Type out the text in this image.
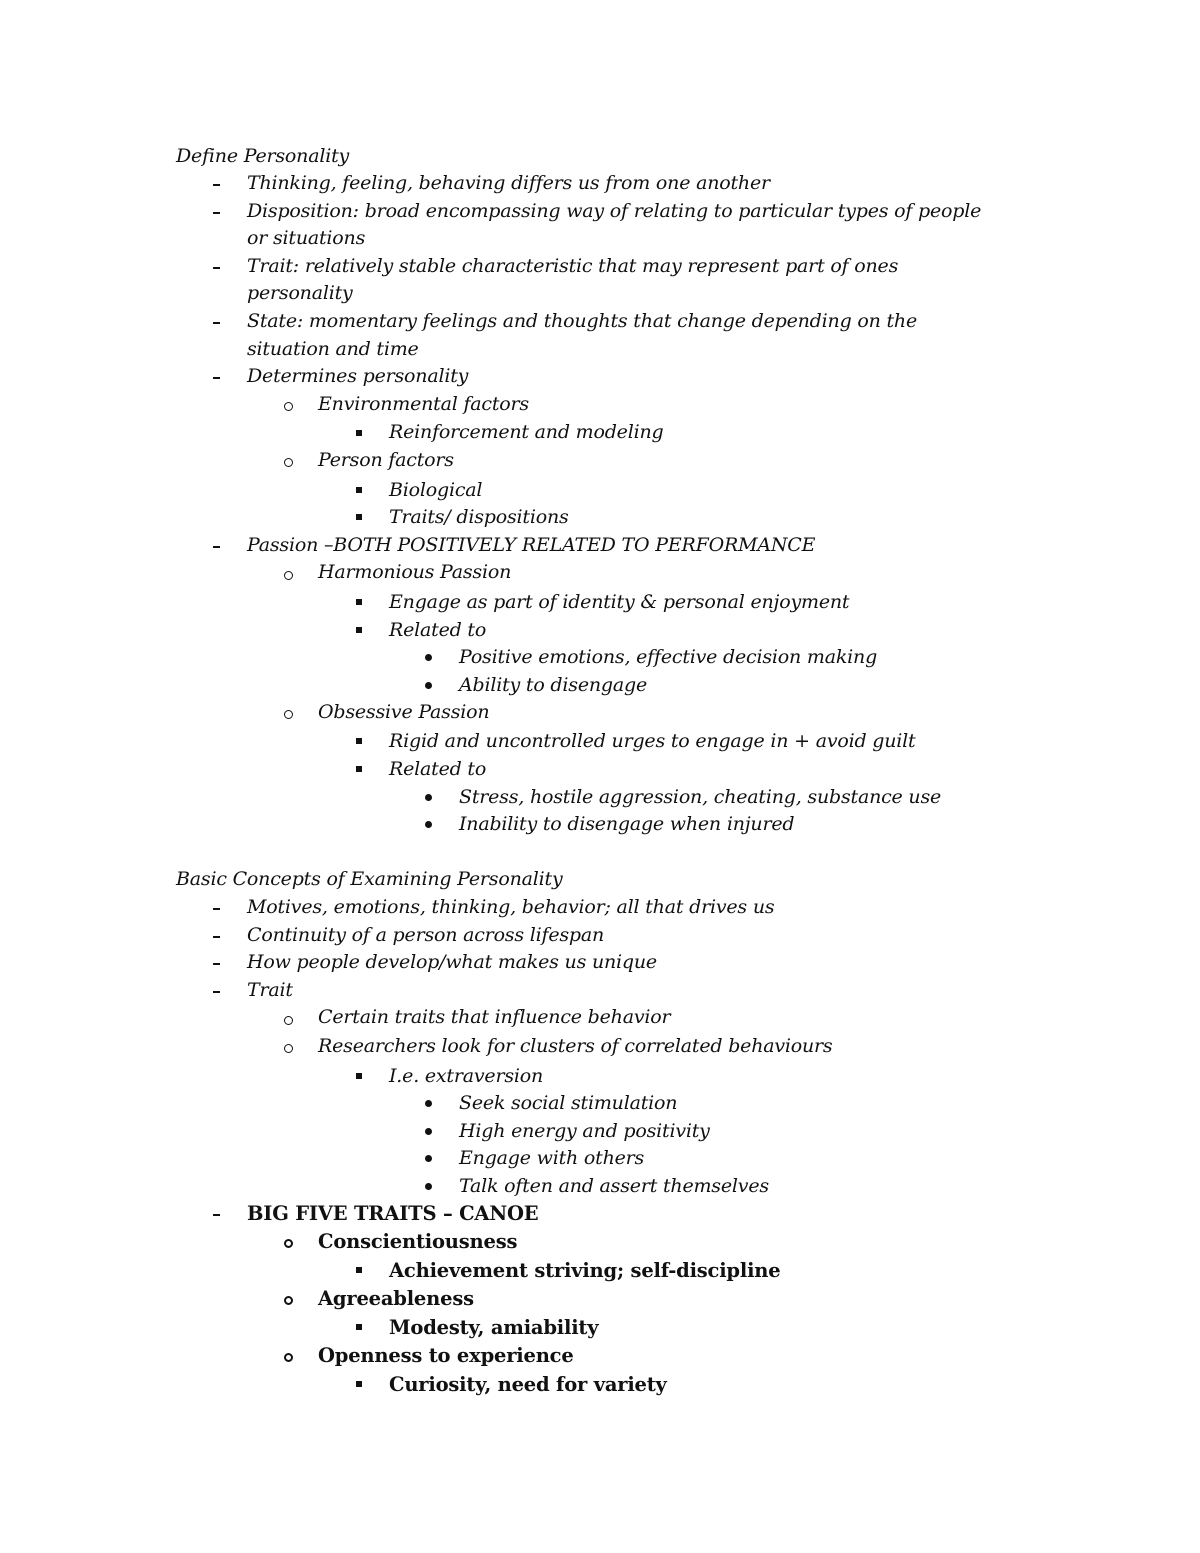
Define Personality
Thinking, feeling, behaving differs us from one another
Disposition: broad encompassing way of relating to particular types of people
or situations
Trait: relatively stable characteristic that may represent part of ones
personality
State: momentary feelings and thoughts that change depending on the
situation and time
Determines personality
Environmental factors
Reinforcement and modeling
Person factors
Biological
Traits/ dispositions
Passion –BOTH POSITIVELY RELATED TO PERFORMANCE
Harmonious Passion
Engage as part of identity & personal enjoyment
Related to
Positive emotions, effective decision making
Ability to disengage
Obsessive Passion
Rigid and uncontrolled urges to engage in + avoid guilt
Related to
Stress, hostile aggression, cheating, substance use
Inability to disengage when injured
Basic Concepts of Examining Personality
Motives, emotions, thinking, behavior; all that drives us
Continuity of a person across lifespan
How people develop/what makes us unique
Trait
Certain traits that influence behavior
Researchers look for clusters of correlated behaviours
I.e. extraversion
Seek social stimulation
High energy and positivity
Engage with others
Talk often and assert themselves
BIG FIVE TRAITS – CANOE
Conscientiousness
Achievement striving; self-discipline
Agreeableness
Modesty, amiability
Openness to experience
Curiosity, need for variety
